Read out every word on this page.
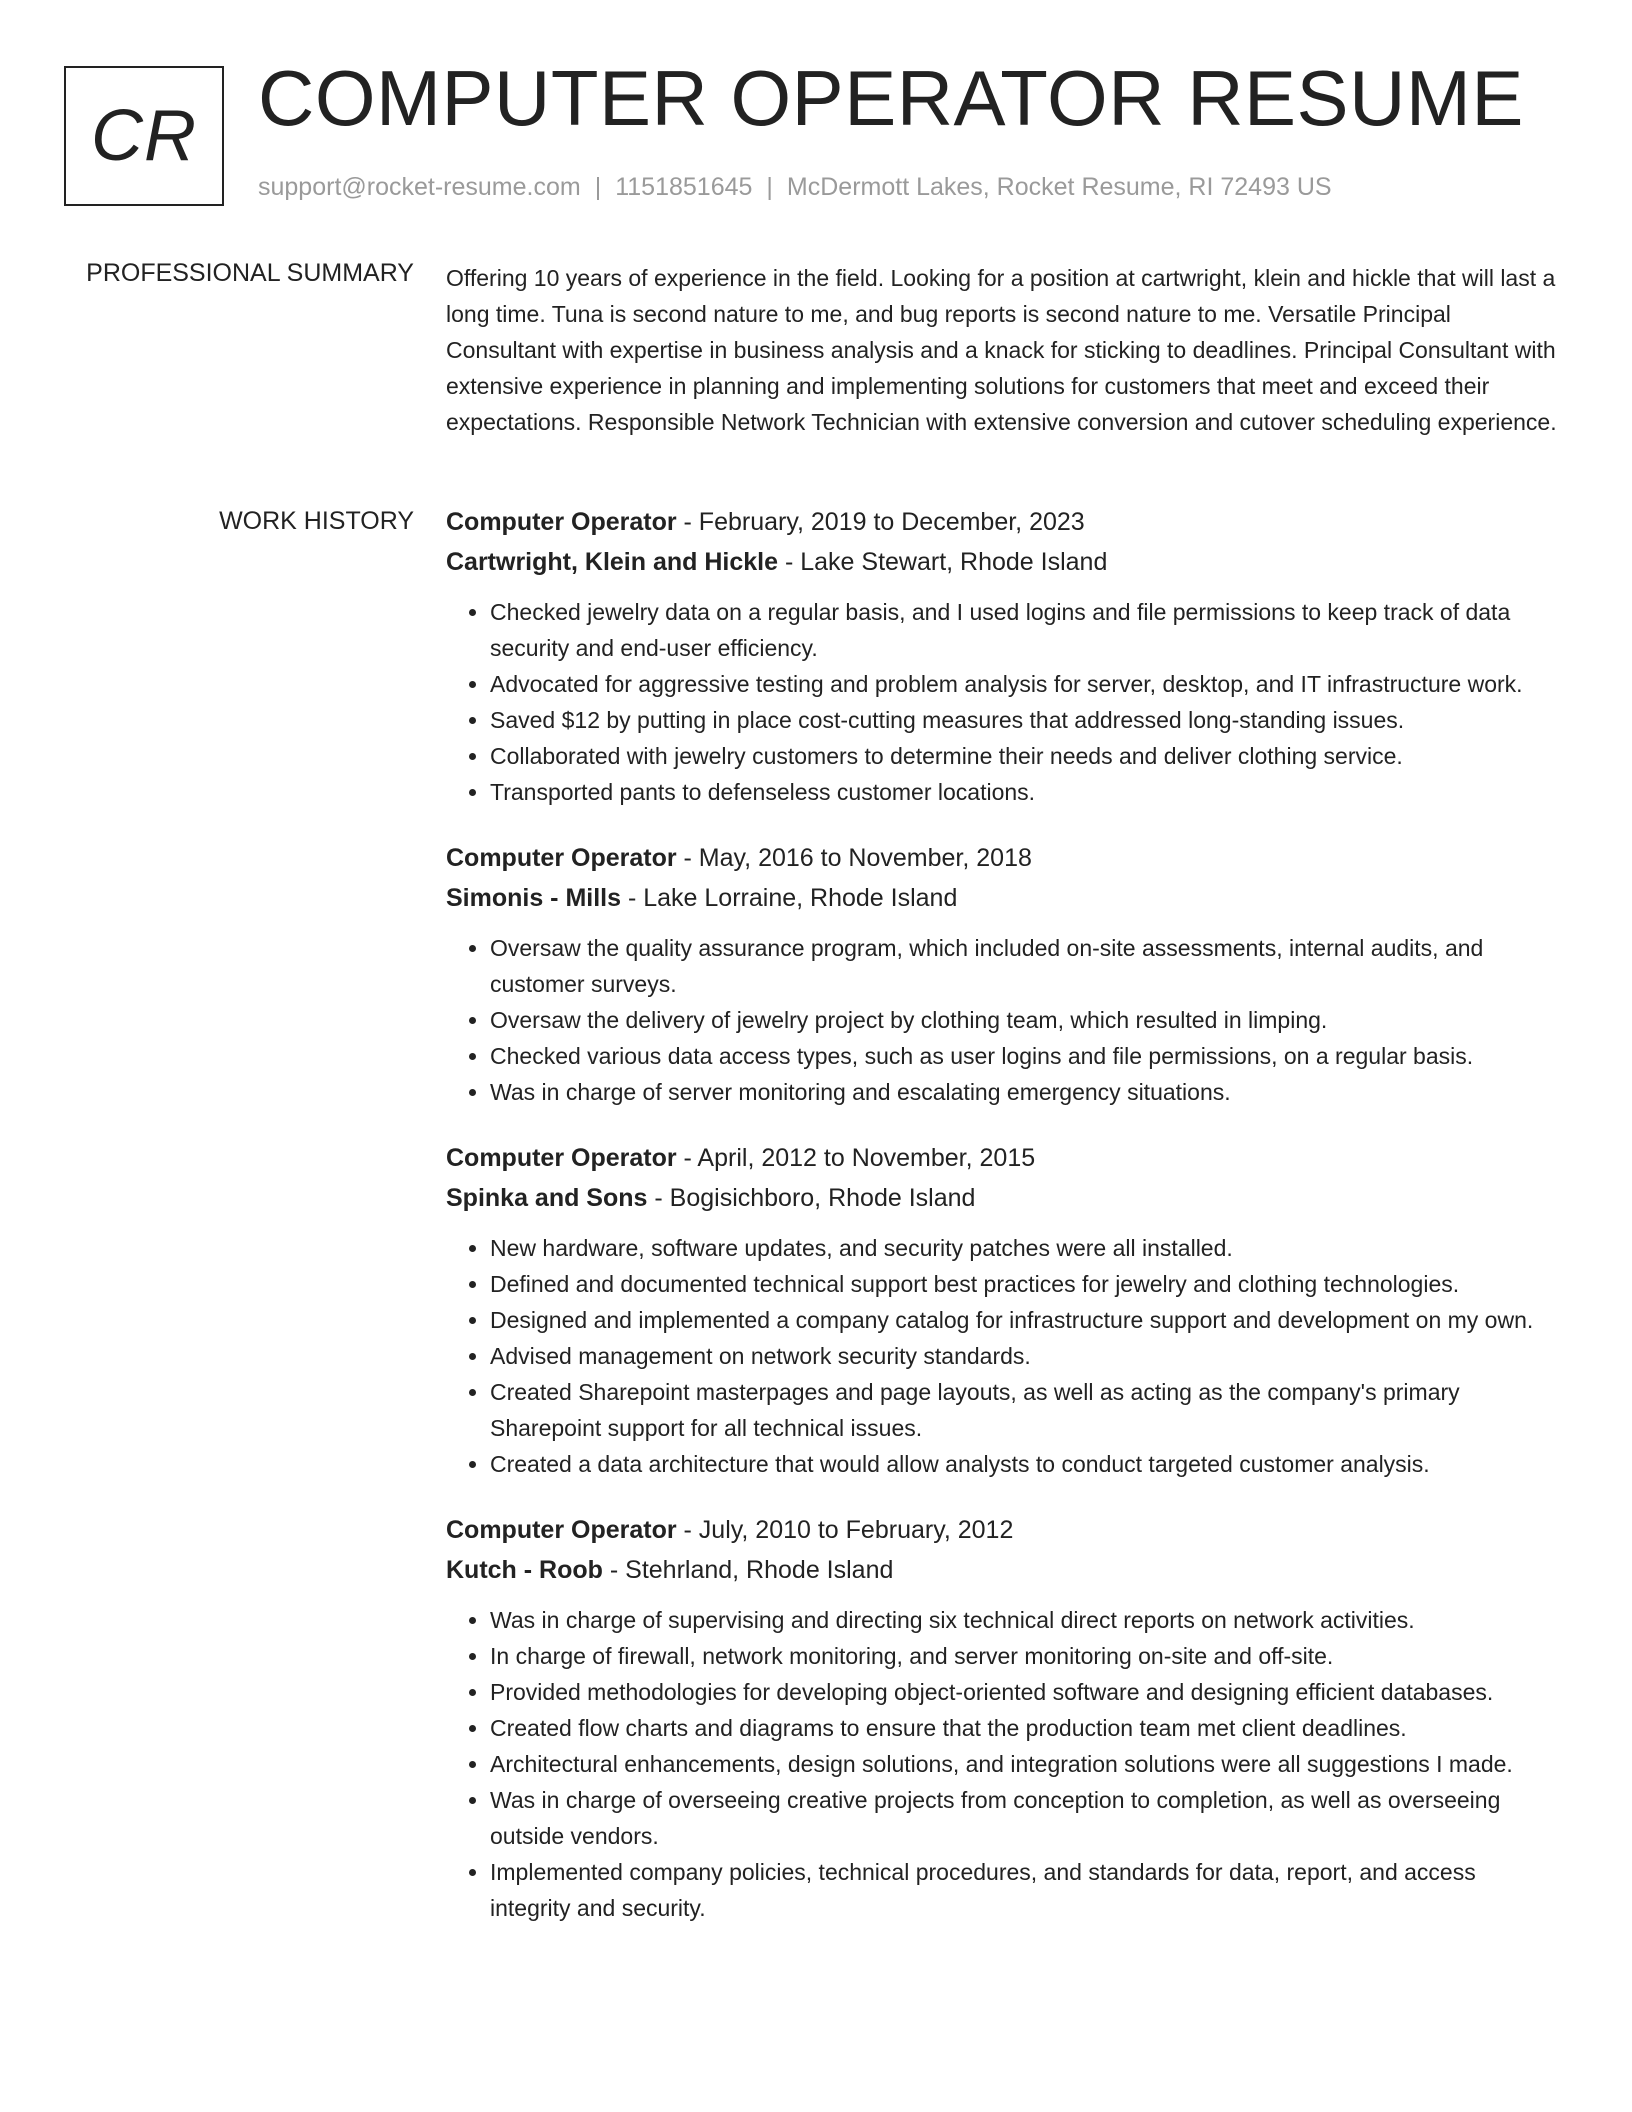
CR COMPUTER OPERATOR RESUME
support@rocket-resume.com | 1151851645 | McDermott Lakes, Rocket Resume, RI 72493 US
PROFESSIONAL SUMMARY Offering 10 years of experience in the field. Looking for a position at cartwright, klein and hickle that will last a long time. Tuna is second nature to me, and bug reports is second nature to me. Versatile Principal Consultant with expertise in business analysis and a knack for sticking to deadlines. Principal Consultant with extensive experience in planning and implementing solutions for customers that meet and exceed their expectations. Responsible Network Technician with extensive conversion and cutover scheduling experience.

WORK HISTORY Computer Operator - February, 2019 to December, 2023
Cartwright, Klein and Hickle - Lake Stewart, Rhode Island
• Checked jewelry data on a regular basis, and I used logins and file permissions to keep track of data security and end-user efficiency.
• Advocated for aggressive testing and problem analysis for server, desktop, and IT infrastructure work.
• Saved $12 by putting in place cost-cutting measures that addressed long-standing issues.
• Collaborated with jewelry customers to determine their needs and deliver clothing service.
• Transported pants to defenseless customer locations.
Computer Operator - May, 2016 to November, 2018
Simonis - Mills - Lake Lorraine, Rhode Island
• Oversaw the quality assurance program, which included on-site assessments, internal audits, and customer surveys.
• Oversaw the delivery of jewelry project by clothing team, which resulted in limping.
• Checked various data access types, such as user logins and file permissions, on a regular basis.
• Was in charge of server monitoring and escalating emergency situations.
Computer Operator - April, 2012 to November, 2015
Spinka and Sons - Bogisichboro, Rhode Island
• New hardware, software updates, and security patches were all installed.
• Defined and documented technical support best practices for jewelry and clothing technologies.
• Designed and implemented a company catalog for infrastructure support and development on my own.
• Advised management on network security standards.
• Created Sharepoint masterpages and page layouts, as well as acting as the company's primary Sharepoint support for all technical issues.
• Created a data architecture that would allow analysts to conduct targeted customer analysis.
Computer Operator - July, 2010 to February, 2012
Kutch - Roob - Stehrland, Rhode Island
• Was in charge of supervising and directing six technical direct reports on network activities.
• In charge of firewall, network monitoring, and server monitoring on-site and off-site.
• Provided methodologies for developing object-oriented software and designing efficient databases.
• Created flow charts and diagrams to ensure that the production team met client deadlines.
• Architectural enhancements, design solutions, and integration solutions were all suggestions I made.
• Was in charge of overseeing creative projects from conception to completion, as well as overseeing outside vendors.
• Implemented company policies, technical procedures, and standards for data, report, and access integrity and security.
